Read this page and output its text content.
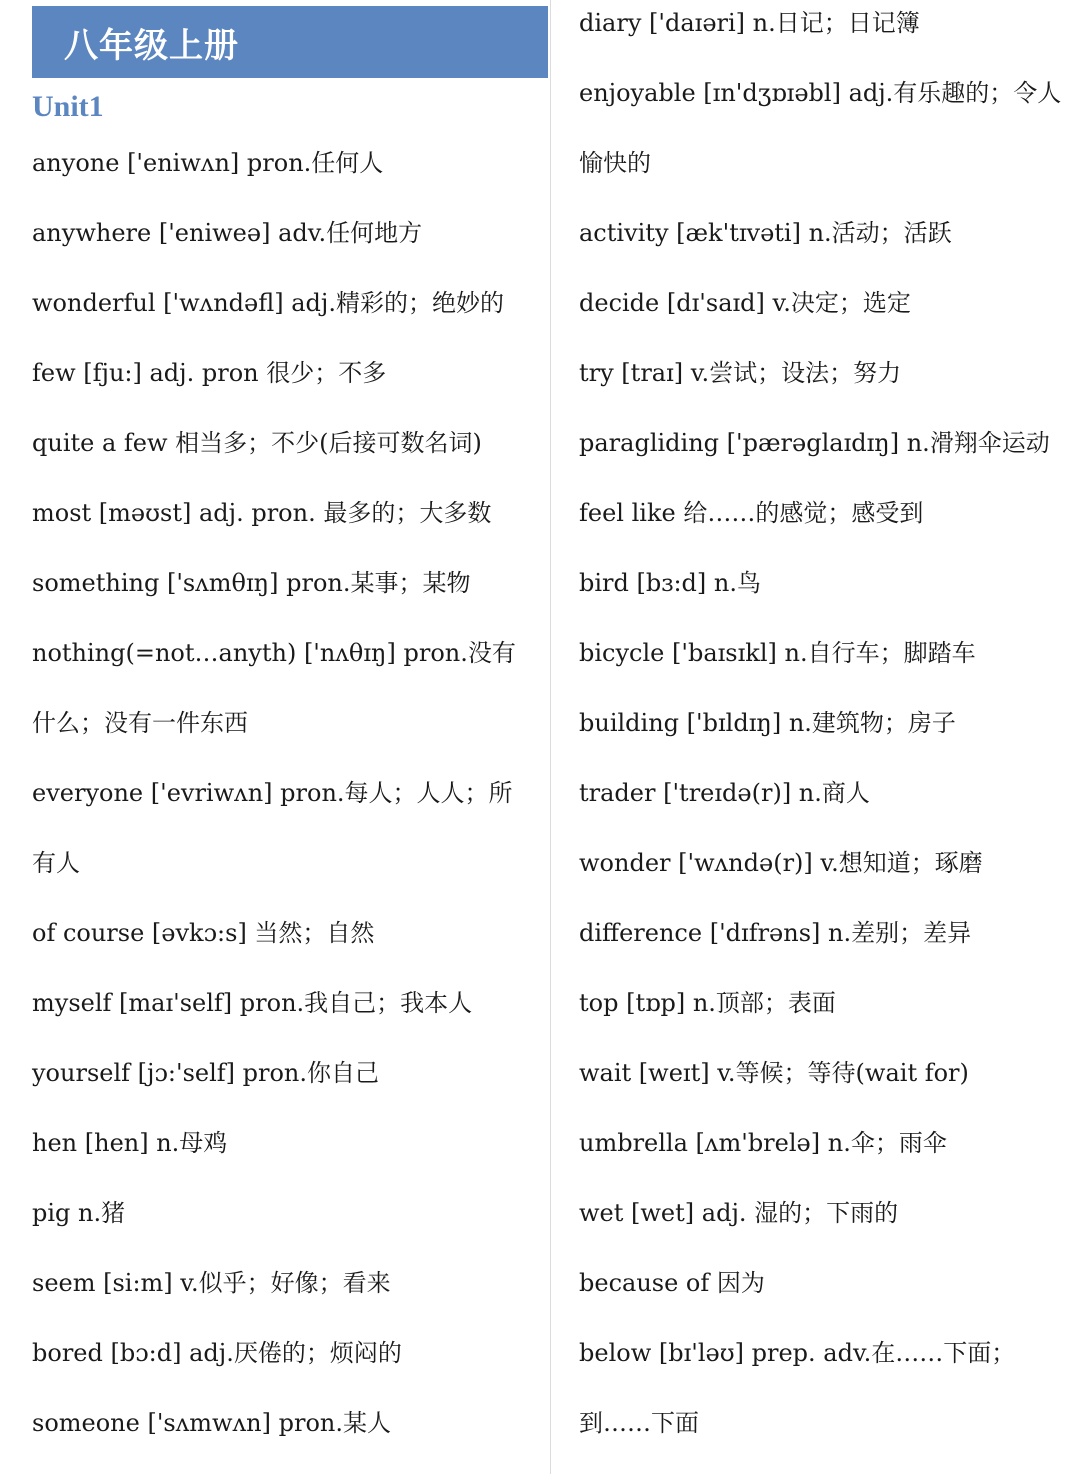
八年级上册
Unit1
anyone ['eniwʌn] pron.任何人
anywhere ['eniweə] adv.任何地方
wonderful ['wʌndəfl] adj.精彩的；绝妙的
few [fju:] adj. pron 很少；不多
quite a few 相当多；不少(后接可数名词)
most [məʊst] adj. pron. 最多的；大多数
something ['sʌmθɪŋ] pron.某事；某物
nothing(=not…anyth) ['nʌθɪŋ] pron.没有
什么；没有一件东西
everyone ['evriwʌn] pron.每人；人人；所
有人
of course [əvkɔ:s] 当然；自然
myself [maɪ'self] pron.我自己；我本人
yourself [jɔ:'self] pron.你自己
hen [hen] n.母鸡
pig n.猪
seem [si:m] v.似乎；好像；看来
bored [bɔ:d] adj.厌倦的；烦闷的
someone ['sʌmwʌn] pron.某人
diary ['daɪəri] n.日记；日记簿
enjoyable [ɪn'dʒɒɪəbl] adj.有乐趣的；令人
愉快的
activity [æk'tɪvəti] n.活动；活跃
decide [dɪ'saɪd] v.决定；选定
try [traɪ] v.尝试；设法；努力
paragliding ['pærəglaɪdɪŋ] n.滑翔伞运动
feel like 给……的感觉；感受到
bird [bɜ:d] n.鸟
bicycle ['baɪsɪkl] n.自行车；脚踏车
building ['bɪldɪŋ] n.建筑物；房子
trader ['treɪdə(r)] n.商人
wonder ['wʌndə(r)] v.想知道；琢磨
difference ['dɪfrəns] n.差别；差异
top [tɒp] n.顶部；表面
wait [weɪt] v.等候；等待(wait for)
umbrella [ʌm'brelə] n.伞；雨伞
wet [wet] adj. 湿的；下雨的
because of 因为
below [bɪ'ləʊ] prep. adv.在……下面；
到……下面
